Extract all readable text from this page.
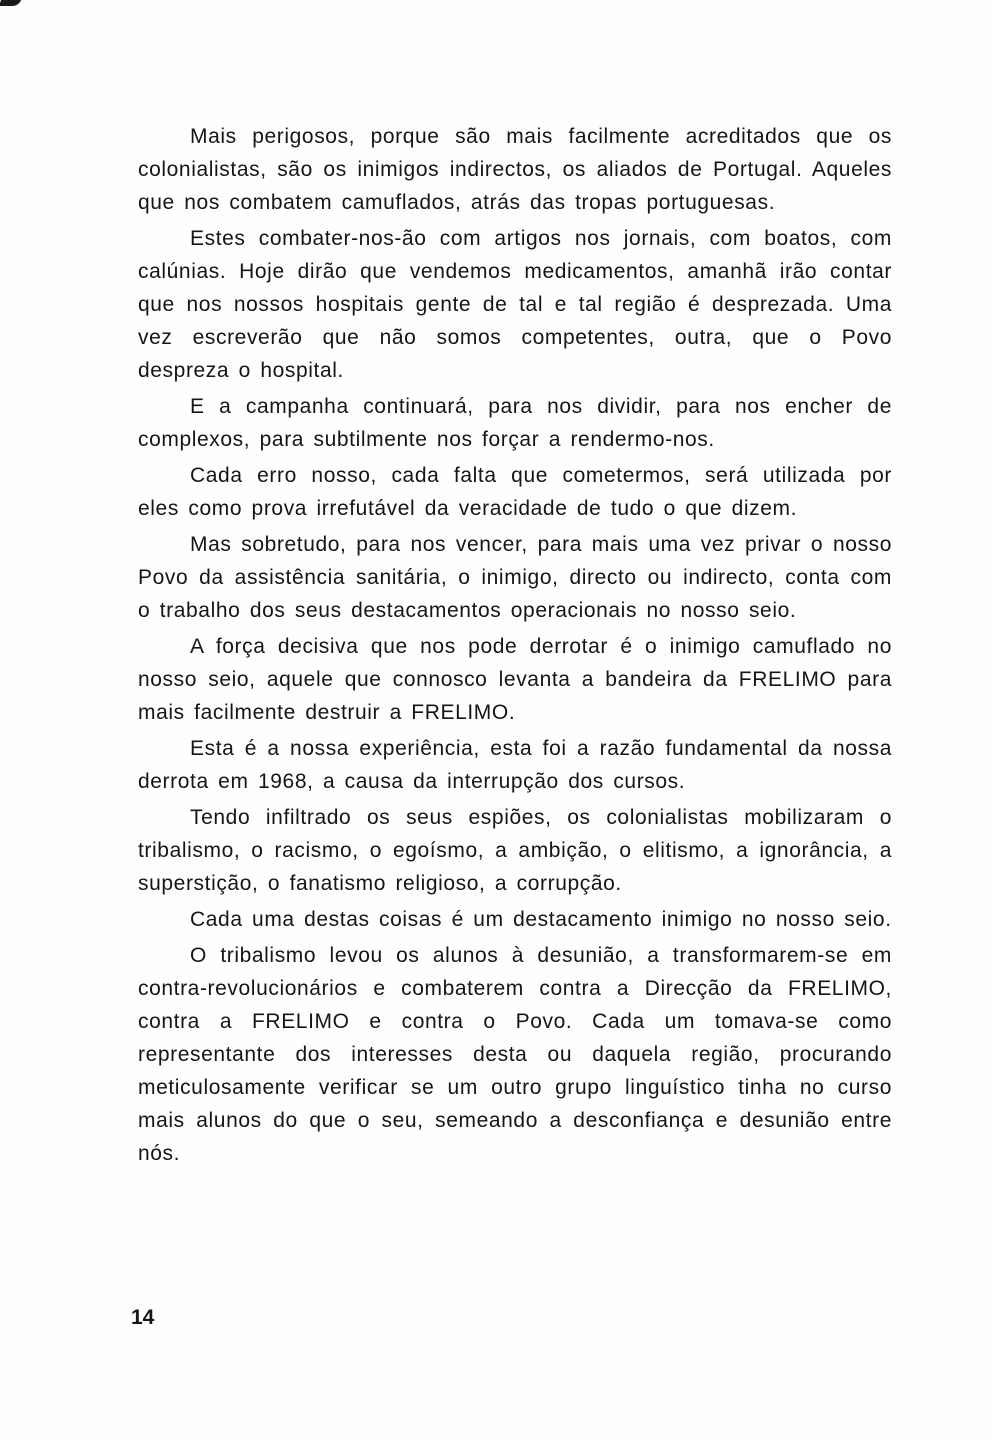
Mais perigosos, porque são mais facilmente acreditados que os colonialistas, são os inimigos indirectos, os aliados de Portugal. Aqueles que nos combatem camuflados, atrás das tropas portuguesas.

Estes combater-nos-ão com artigos nos jornais, com boatos, com calúnias. Hoje dirão que vendemos medicamentos, amanhã irão contar que nos nossos hospitais gente de tal e tal região é desprezada. Uma vez escreverão que não somos competentes, outra, que o Povo despreza o hospital.

E a campanha continuará, para nos dividir, para nos encher de complexos, para subtilmente nos forçar a rendermo-nos.

Cada erro nosso, cada falta que cometermos, será utilizada por eles como prova irrefutável da veracidade de tudo o que dizem.

Mas sobretudo, para nos vencer, para mais uma vez privar o nosso Povo da assistência sanitária, o inimigo, directo ou indirecto, conta com o trabalho dos seus destacamentos operacionais no nosso seio.

A força decisiva que nos pode derrotar é o inimigo camuflado no nosso seio, aquele que connosco levanta a bandeira da FRELIMO para mais facilmente destruir a FRELIMO.

Esta é a nossa experiência, esta foi a razão fundamental da nossa derrota em 1968, a causa da interrupção dos cursos.

Tendo infiltrado os seus espiões, os colonialistas mobilizaram o tribalismo, o racismo, o egoísmo, a ambição, o elitismo, a ignorância, a superstição, o fanatismo religioso, a corrupção.

Cada uma destas coisas é um destacamento inimigo no nosso seio.

O tribalismo levou os alunos à desunião, a transformarem-se em contra-revolucionários e combaterem contra a Direcção da FRELIMO, contra a FRELIMO e contra o Povo. Cada um tomava-se como representante dos interesses desta ou daquela região, procurando meticulosamente verificar se um outro grupo linguístico tinha no curso mais alunos do que o seu, semeando a desconfiança e desunião entre nós.

14
